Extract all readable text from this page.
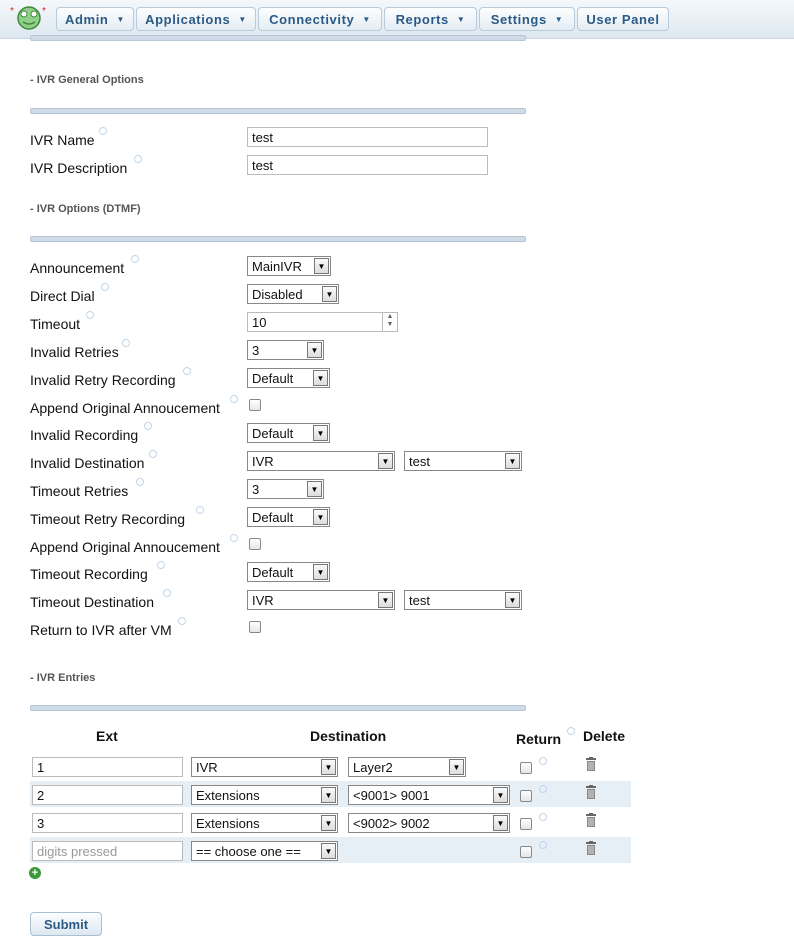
*	* Admin ▼ Applications ▼ Connectivity ▼ Reports ▼ Settings ▼ User Panel
- IVR General Options
IVR Name	test
IVR Description	test
- IVR Options (DTMF)
Announcement	MainIVR	▼
Direct Dial	Disabled	▼
Timeout	10	▲
▼
Invalid Retries	3	▼
Invalid Retry Recording	Default	▼
Append Original Annoucement
Invalid Recording	Default	▼
Invalid Destination	IVR	▼	test	▼
Timeout Retries	3	▼
Timeout Retry Recording	Default	▼
Append Original Annoucement
Timeout Recording	Default	▼
Timeout Destination	IVR	▼	test	▼
Return to IVR after VM
- IVR Entries
Ext	Destination	Return Delete
1	IVR	▼	Layer2	▼
2	Extensions	▼	<9001> 9001	▼
3	Extensions	▼	<9002> 9002	▼
digits pressed	== choose one ==	▼
+
Submit
